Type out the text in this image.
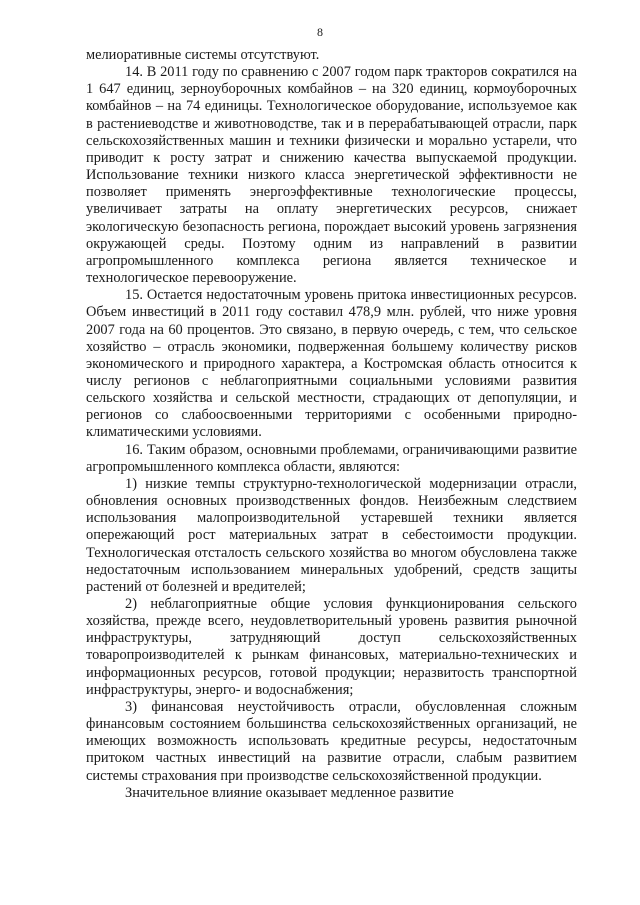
8

мелиоративные системы отсутствуют.

14. В 2011 году по сравнению с 2007 годом парк тракторов сократился на 1 647 единиц, зерноуборочных комбайнов – на 320 единиц, кормоуборочных комбайнов – на 74 единицы. Технологическое оборудование, используемое как в растениеводстве и животноводстве, так и в перерабатывающей отрасли, парк сельскохозяйственных машин и техники физически и морально устарели, что приводит к росту затрат и снижению качества выпускаемой продукции. Использование техники низкого класса энергетической эффективности не позволяет применять энергоэффективные технологические процессы, увеличивает затраты на оплату энергетических ресурсов, снижает экологическую безопасность региона, порождает высокий уровень загрязнения окружающей среды. Поэтому одним из направлений в развитии агропромышленного комплекса региона является техническое и технологическое перевооружение.

15. Остается недостаточным уровень притока инвестиционных ресурсов. Объем инвестиций в 2011 году составил 478,9 млн. рублей, что ниже уровня 2007 года на 60 процентов. Это связано, в первую очередь, с тем, что сельское хозяйство – отрасль экономики, подверженная большему количеству рисков экономического и природного характера, а Костромская область относится к числу регионов с неблагоприятными социальными условиями развития сельского хозяйства и сельской местности, страдающих от депопуляции, и регионов со слабоосвоенными территориями с особенными природно-климатическими условиями.

16. Таким образом, основными проблемами, ограничивающими развитие агропромышленного комплекса области, являются:

1) низкие темпы структурно-технологической модернизации отрасли, обновления основных производственных фондов. Неизбежным следствием использования малопроизводительной устаревшей техники является опережающий рост материальных затрат в себестоимости продукции. Технологическая отсталость сельского хозяйства во многом обусловлена также недостаточным использованием минеральных удобрений, средств защиты растений от болезней и вредителей;

2) неблагоприятные общие условия функционирования сельского хозяйства, прежде всего, неудовлетворительный уровень развития рыночной инфраструктуры, затрудняющий доступ сельскохозяйственных товаропроизводителей к рынкам финансовых, материально-технических и информационных ресурсов, готовой продукции; неразвитость транспортной инфраструктуры, энерго- и водоснабжения;

3) финансовая неустойчивость отрасли, обусловленная сложным финансовым состоянием большинства сельскохозяйственных организаций, не имеющих возможность использовать кредитные ресурсы, недостаточным притоком частных инвестиций на развитие отрасли, слабым развитием системы страхования при производстве сельскохозяйственной продукции.

Значительное влияние оказывает медленное развитие
